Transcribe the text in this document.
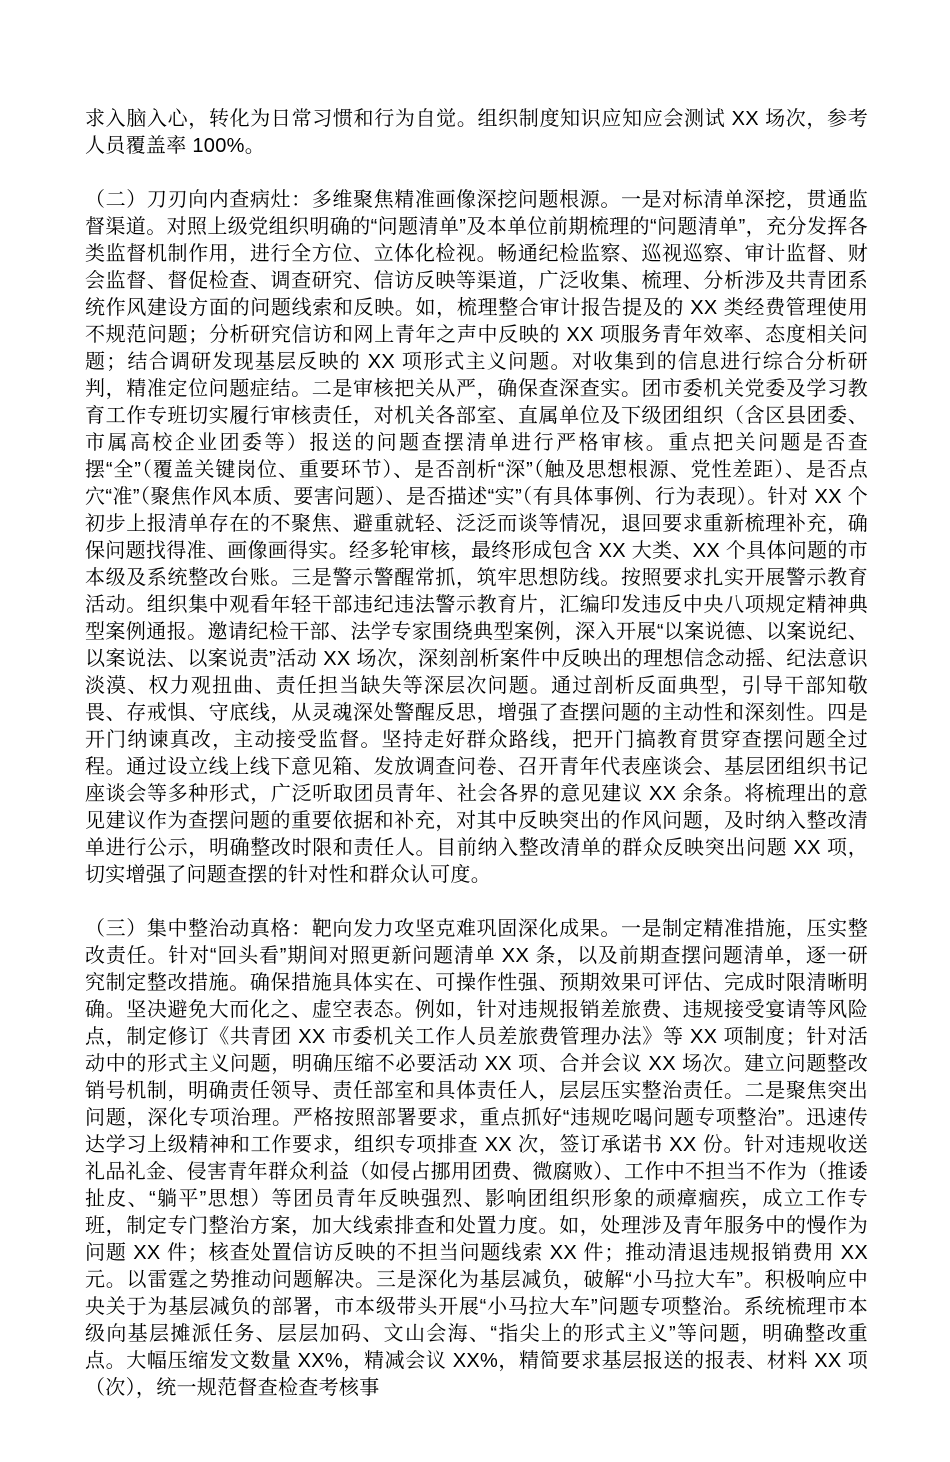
求入脑入心，转化为日常习惯和行为自觉。组织制度知识应知应会测试 XX 场次，参考人员覆盖率 100%。

（二）刀刃向内查病灶：多维聚焦精准画像深挖问题根源。一是对标清单深挖，贯通监督渠道。对照上级党组织明确的“问题清单”及本单位前期梳理的“问题清单”，充分发挥各类监督机制作用，进行全方位、立体化检视。畅通纪检监察、巡视巡察、审计监督、财会监督、督促检查、调查研究、信访反映等渠道，广泛收集、梳理、分析涉及共青团系统作风建设方面的问题线索和反映。如，梳理整合审计报告提及的 XX 类经费管理使用不规范问题；分析研究信访和网上青年之声中反映的 XX 项服务青年效率、态度相关问题；结合调研发现基层反映的 XX 项形式主义问题。对收集到的信息进行综合分析研判，精准定位问题症结。二是审核把关从严，确保查深查实。团市委机关党委及学习教育工作专班切实履行审核责任，对机关各部室、直属单位及下级团组织（含区县团委、市属高校企业团委等）报送的问题查摆清单进行严格审核。重点把关问题是否查摆“全”（覆盖关键岗位、重要环节）、是否剖析“深”（触及思想根源、党性差距）、是否点穴“准”（聚焦作风本质、要害问题）、是否描述“实”（有具体事例、行为表现）。针对 XX 个初步上报清单存在的不聚焦、避重就轻、泛泛而谈等情况，退回要求重新梳理补充，确保问题找得准、画像画得实。经多轮审核，最终形成包含 XX 大类、XX 个具体问题的市本级及系统整改台账。三是警示警醒常抓，筑牢思想防线。按照要求扎实开展警示教育活动。组织集中观看年轻干部违纪违法警示教育片，汇编印发违反中央八项规定精神典型案例通报。邀请纪检干部、法学专家围绕典型案例，深入开展“以案说德、以案说纪、以案说法、以案说责”活动 XX 场次，深刻剖析案件中反映出的理想信念动摇、纪法意识淡漠、权力观扭曲、责任担当缺失等深层次问题。通过剖析反面典型，引导干部知敬畏、存戒惧、守底线，从灵魂深处警醒反思，增强了查摆问题的主动性和深刻性。四是开门纳谏真改，主动接受监督。坚持走好群众路线，把开门搞教育贯穿查摆问题全过程。通过设立线上线下意见箱、发放调查问卷、召开青年代表座谈会、基层团组织书记座谈会等多种形式，广泛听取团员青年、社会各界的意见建议 XX 余条。将梳理出的意见建议作为查摆问题的重要依据和补充，对其中反映突出的作风问题，及时纳入整改清单进行公示，明确整改时限和责任人。目前纳入整改清单的群众反映突出问题 XX 项，切实增强了问题查摆的针对性和群众认可度。

（三）集中整治动真格：靶向发力攻坚克难巩固深化成果。一是制定精准措施，压实整改责任。针对“回头看”期间对照更新问题清单 XX 条，以及前期查摆问题清单，逐一研究制定整改措施。确保措施具体实在、可操作性强、预期效果可评估、完成时限清晰明确。坚决避免大而化之、虚空表态。例如，针对违规报销差旅费、违规接受宴请等风险点，制定修订《共青团 XX 市委机关工作人员差旅费管理办法》等 XX 项制度；针对活动中的形式主义问题，明确压缩不必要活动 XX 项、合并会议 XX 场次。建立问题整改销号机制，明确责任领导、责任部室和具体责任人，层层压实整治责任。二是聚焦突出问题，深化专项治理。严格按照部署要求，重点抓好“违规吃喝问题专项整治”。迅速传达学习上级精神和工作要求，组织专项排查 XX 次，签订承诺书 XX 份。针对违规收送礼品礼金、侵害青年群众利益（如侵占挪用团费、微腐败）、工作中不担当不作为（推诿扯皮、“躺平”思想）等团员青年反映强烈、影响团组织形象的顽瘴痼疾，成立工作专班，制定专门整治方案，加大线索排查和处置力度。如，处理涉及青年服务中的慢作为问题 XX 件；核查处置信访反映的不担当问题线索 XX 件；推动清退违规报销费用 XX 元。以雷霆之势推动问题解决。三是深化为基层减负，破解“小马拉大车”。积极响应中央关于为基层减负的部署，市本级带头开展“小马拉大车”问题专项整治。系统梳理市本级向基层摊派任务、层层加码、文山会海、“指尖上的形式主义”等问题，明确整改重点。大幅压缩发文数量 XX%，精减会议 XX%，精简要求基层报送的报表、材料 XX 项（次），统一规范督查检查考核事
